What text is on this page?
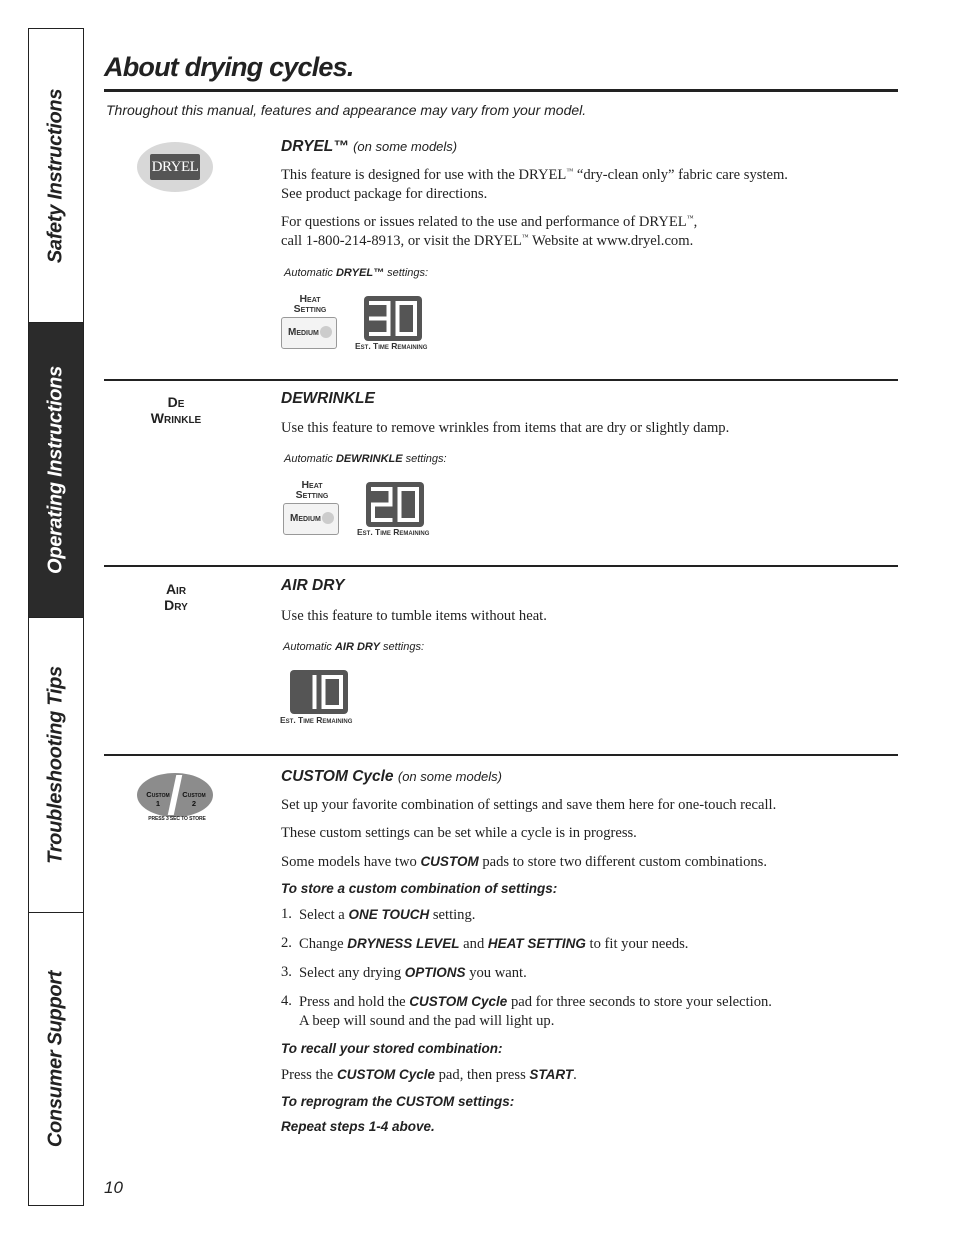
Safety Instructions
Operating Instructions
Troubleshooting Tips
Consumer Support
About drying cycles.
Throughout this manual, features and appearance may vary from your model.
DRYEL

DRYEL™ (on some models)

This feature is designed for use with the DRYEL™ “dry-clean only” fabric care system.
See product package for directions.

For questions or issues related to the use and performance of DRYEL™,
call 1-800-214-8913, or visit the DRYEL™ Website at www.dryel.com.

Automatic DRYEL™ settings:

Heat
Setting
Medium
Est. Time Remaining
De
Wrinkle

DEWRINKLE

Use this feature to remove wrinkles from items that are dry or slightly damp.

Automatic DEWRINKLE settings:

Heat
Setting
Medium
Est. Time Remaining
Air
Dry

AIR DRY

Use this feature to tumble items without heat.

Automatic AIR DRY settings:

Est. Time Remaining
Custom
1
Custom
2
PRESS 3 SEC TO STORE

CUSTOM Cycle (on some models)

Set up your favorite combination of settings and save them here for one-touch recall.

These custom settings can be set while a cycle is in progress.

Some models have two CUSTOM pads to store two different custom combinations.

To store a custom combination of settings:

1. Select a ONE TOUCH setting.
2. Change DRYNESS LEVEL and HEAT SETTING to fit your needs.
3. Select any drying OPTIONS you want.
4. Press and hold the CUSTOM Cycle pad for three seconds to store your selection.
A beep will sound and the pad will light up.

To recall your stored combination:

Press the CUSTOM Cycle pad, then press START.

To reprogram the CUSTOM settings:

Repeat steps 1-4 above.

10
